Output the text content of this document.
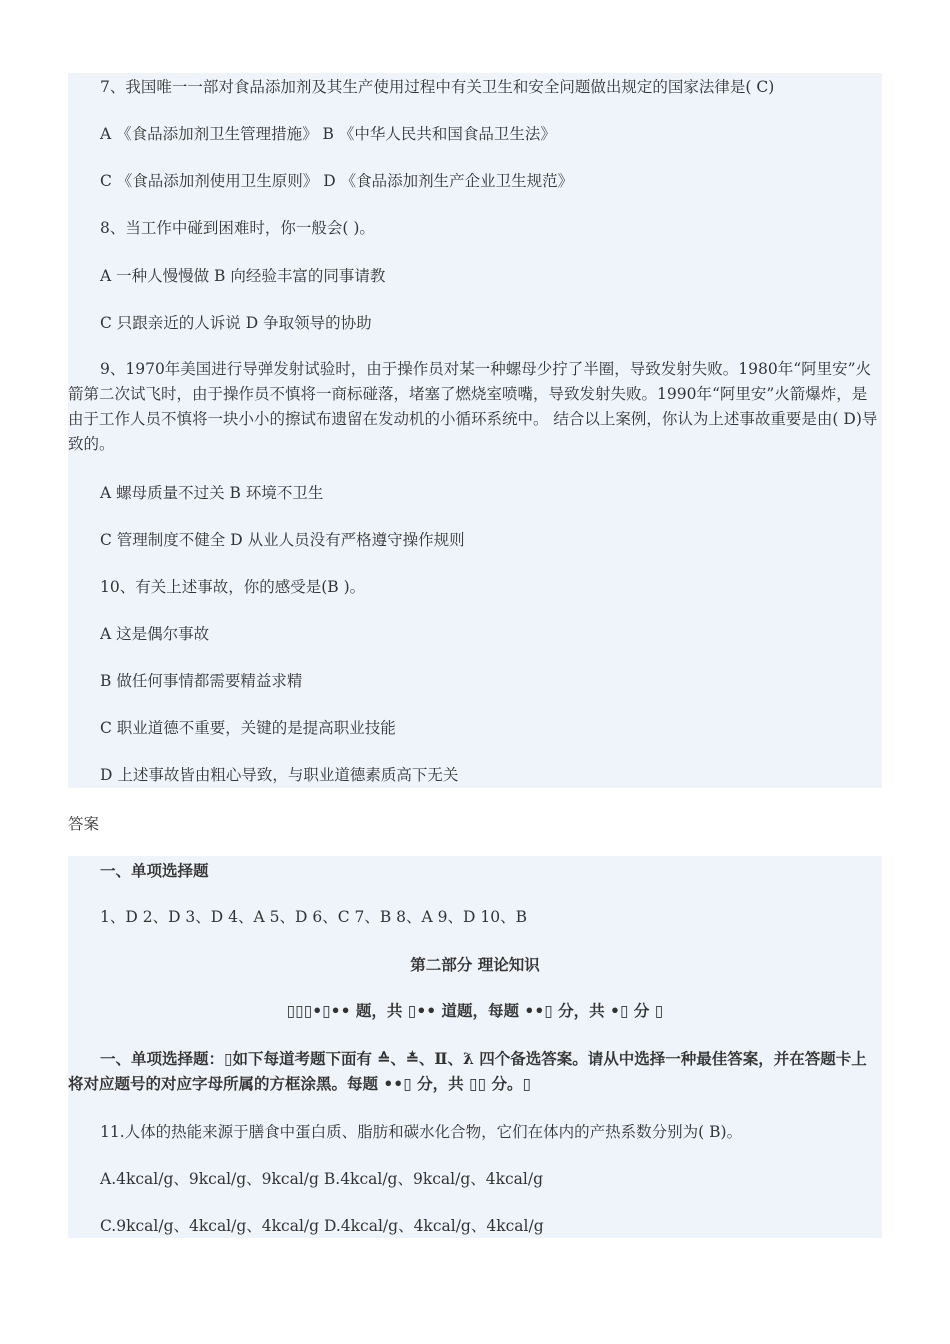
7、我国唯一一部对食品添加剂及其生产使用过程中有关卫生和安全问题做出规定的国家法律是( C)
A 《食品添加剂卫生管理措施》 B 《中华人民共和国食品卫生法》
C 《食品添加剂使用卫生原则》 D 《食品添加剂生产企业卫生规范》
8、当工作中碰到困难时，你一般会( )。
A 一种人慢慢做 B 向经验丰富的同事请教
C 只跟亲近的人诉说 D 争取领导的协助
9、1970年美国进行导弹发射试验时，由于操作员对某一种螺母少拧了半圈，导致发射失败。1980年“阿里安”火箭第二次试飞时，由于操作员不慎将一商标碰落，堵塞了燃烧室喷嘴，导致发射失败。1990年“阿里安”火箭爆炸，是由于工作人员不慎将一块小小的擦试布遗留在发动机的小循环系统中。 结合以上案例，你认为上述事故重要是由( D)导致的。
A 螺母质量不过关 B 环境不卫生
C 管理制度不健全 D 从业人员没有严格遵守操作规则
10、有关上述事故，你的感受是(B )。
A 这是偶尔事故
B 做任何事情都需要精益求精
C 职业道德不重要，关键的是提高职业技能
D 上述事故皆由粗心导致，与职业道德素质高下无关
答案
一、单项选择题
1、D 2、D 3、D 4、A 5、D 6、C 7、B 8、A 9、D 10、B
第二部分 理论知识
▯▯▯•▯•• 题，共 ▯•• 道题，每题 ••▯ 分，共 •▯ 分 ▯
一、单项选择题：▯如下每道考题下面有 ≙、≛、Ⅱ、ƛ 四个备选答案。请从中选择一种最佳答案，并在答题卡上将对应题号的对应字母所属的方框涂黑。每题 ••▯ 分，共 ▯▯ 分。▯
11.人体的热能来源于膳食中蛋白质、脂肪和碳水化合物，它们在体内的产热系数分别为( B)。
A.4kcal/g、9kcal/g、9kcal/g B.4kcal/g、9kcal/g、4kcal/g
C.9kcal/g、4kcal/g、4kcal/g D.4kcal/g、4kcal/g、4kcal/g
